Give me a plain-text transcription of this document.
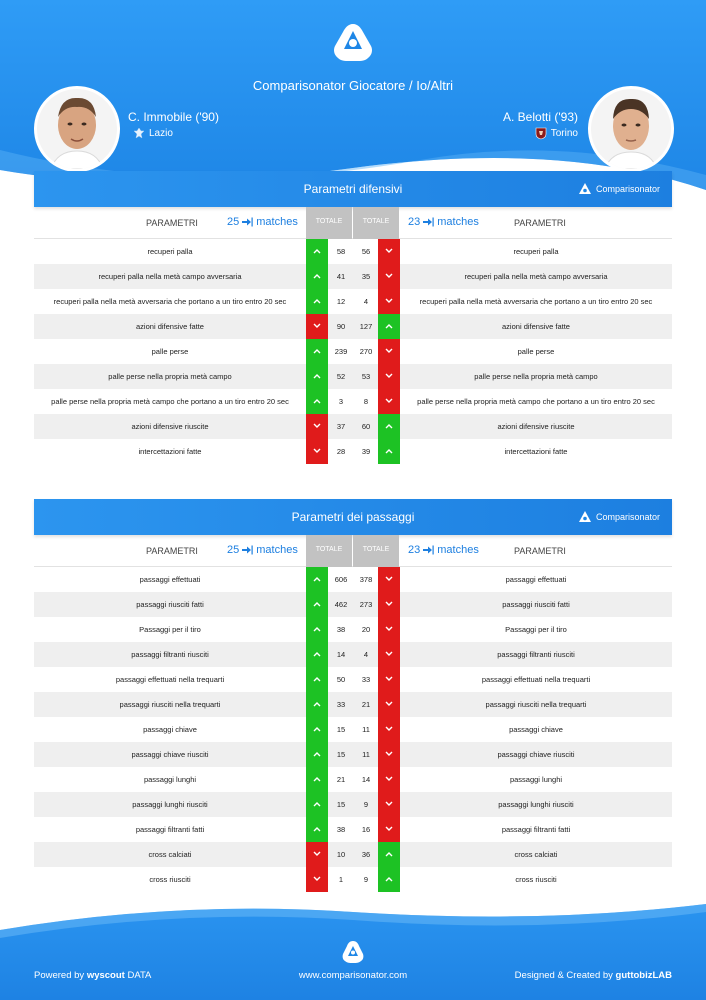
Comparisonator Giocatore / Io/Altri
C. Immobile ('90)
Lazio
A. Belotti ('93)
Torino
Parametri difensivi	Comparisonator
PARAMETRI	25 matches	TOTALE	TOTALE	23 matches	PARAMETRI
recuperi palla	58	56	recuperi palla
recuperi palla nella metà campo avversaria	41	35	recuperi palla nella metà campo avversaria
recuperi palla nella metà avversaria che portano a un tiro entro 20 sec	12	4	recuperi palla nella metà avversaria che portano a un tiro entro 20 sec
azioni difensive fatte	90	127	azioni difensive fatte
palle perse	239	270	palle perse
palle perse nella propria metà campo	52	53	palle perse nella propria metà campo
palle perse nella propria metà campo che portano a un tiro entro 20 sec	3	8	palle perse nella propria metà campo che portano a un tiro entro 20 sec
azioni difensive riuscite	37	60	azioni difensive riuscite
intercettazioni fatte	28	39	intercettazioni fatte
Parametri dei passaggi	Comparisonator
PARAMETRI	25 matches	TOTALE	TOTALE	23 matches	PARAMETRI
passaggi effettuati	606	378	passaggi effettuati
passaggi riusciti fatti	462	273	passaggi riusciti fatti
Passaggi per il tiro	38	20	Passaggi per il tiro
passaggi filtranti riusciti	14	4	passaggi filtranti riusciti
passaggi effettuati nella trequarti	50	33	passaggi effettuati nella trequarti
passaggi riusciti nella trequarti	33	21	passaggi riusciti nella trequarti
passaggi chiave	15	11	passaggi chiave
passaggi chiave riusciti	15	11	passaggi chiave riusciti
passaggi lunghi	21	14	passaggi lunghi
passaggi lunghi riusciti	15	9	passaggi lunghi riusciti
passaggi filtranti fatti	38	16	passaggi filtranti fatti
cross calciati	10	36	cross calciati
cross riusciti	1	9	cross riusciti
Powered by wyscout DATA	www.comparisonator.com	Designed & Created by guttobizLAB
